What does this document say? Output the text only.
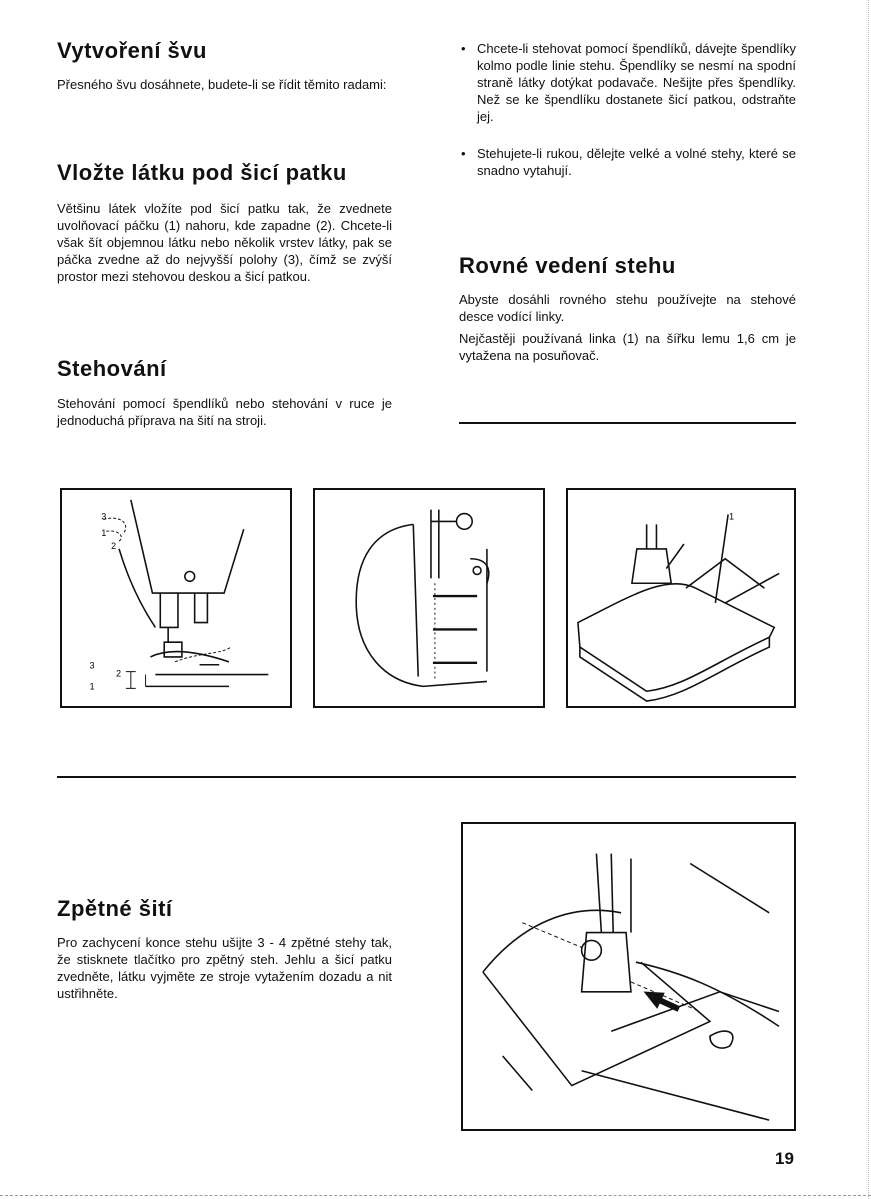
Vytvoření švu

Přesného švu dosáhnete, budete-li se řídit těmito radami:

Vložte látku pod šicí patku

Většinu látek vložíte pod šicí patku tak, že zvednete uvolňovací páčku (1) nahoru, kde zapadne (2). Chcete-li však šít objemnou látku nebo několik vrstev látky, pak se páčka zvedne až do nejvyšší polohy (3), čímž se zvýší prostor mezi stehovou deskou a šicí patkou.

Stehování

Stehování pomocí špendlíků nebo stehování v ruce je jednoduchá příprava na šití na stroji.

• Chcete-li stehovat pomocí špendlíků, dávejte špendlíky kolmo podle linie stehu. Špendlíky se nesmí na spodní straně látky dotýkat podavače. Nešijte přes špendlíky. Než se ke špendlíku dostanete šicí patkou, odstraňte jej.
• Stehujete-li rukou, dělejte velké a volné stehy, které se snadno vytahují.
Rovné vedení stehu

Abyste dosáhli rovného stehu používejte na stehové desce vodící linky.

Nejčastěji používaná linka (1) na šířku lemu 1,6 cm je vytažena na posuňovač.

3
1
2
3
2
1
1
Zpětné šití

Pro zachycení konce stehu ušijte 3 - 4 zpětné stehy tak, že stisknete tlačítko pro zpětný steh. Jehlu a šicí patku zvedněte, látku vyjměte ze stroje vytažením dozadu a nit ustřihněte.

19
